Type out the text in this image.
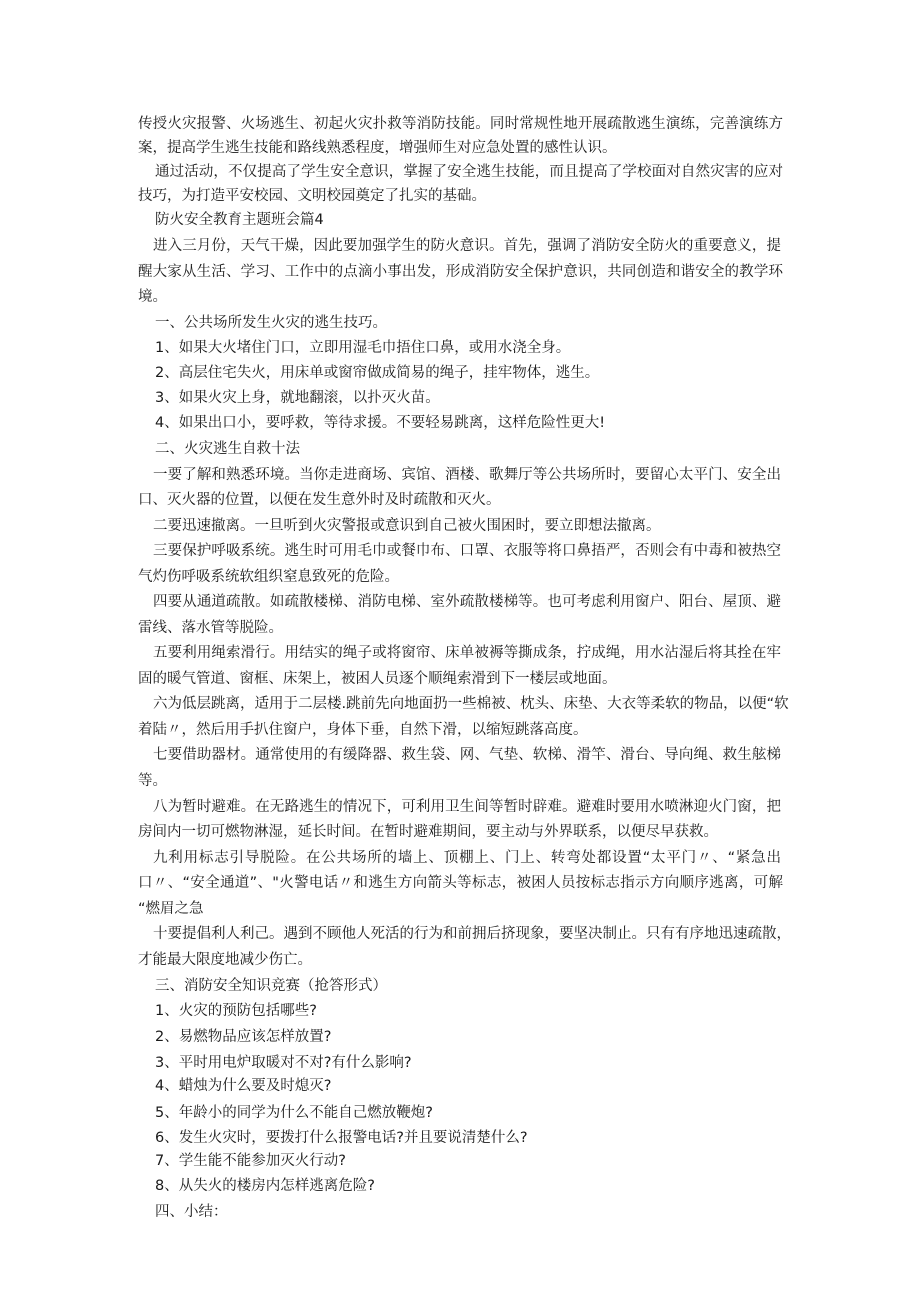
传授火灾报警、火场逃生、初起火灾扑救等消防技能。同时常规性地开展疏散逃生演练，完善演练方
案，提高学生逃生技能和路线熟悉程度，增强师生对应急处置的感性认识。
通过活动，不仅提高了学生安全意识，掌握了安全逃生技能，而且提高了学校面对自然灾害的应对
技巧，为打造平安校园、文明校园奠定了扎实的基础。
防火安全教育主题班会篇4
进入三月份，天气干燥，因此要加强学生的防火意识。首先，强调了消防安全防火的重要意义，提
醒大家从生活、学习、工作中的点滴小事出发，形成消防安全保护意识，共同创造和谐安全的教学环
境。
一、公共场所发生火灾的逃生技巧。
1、如果大火堵住门口，立即用湿毛巾捂住口鼻，或用水浇全身。
2、高层住宅失火，用床单或窗帘做成简易的绳子，挂牢物体，逃生。
3、如果火灾上身，就地翻滚，以扑灭火苗。
4、如果出口小，要呼救，等待求援。不要轻易跳离，这样危险性更大!
二、火灾逃生自救十法
一要了解和熟悉环境。当你走进商场、宾馆、酒楼、歌舞厅等公共场所时，要留心太平门、安全出
口、灭火器的位置，以便在发生意外时及时疏散和灭火。
二要迅速撤离。一旦听到火灾警报或意识到自己被火围困时，要立即想法撤离。
三要保护呼吸系统。逃生时可用毛巾或餐巾布、口罩、衣服等将口鼻捂严，否则会有中毒和被热空
气灼伤呼吸系统软组织窒息致死的危险。
四要从通道疏散。如疏散楼梯、消防电梯、室外疏散楼梯等。也可考虑利用窗户、阳台、屋顶、避
雷线、落水管等脱险。
五要利用绳索滑行。用结实的绳子或将窗帘、床单被褥等撕成条，拧成绳，用水沾湿后将其拴在牢
固的暖气管道、窗框、床架上，被困人员逐个顺绳索滑到下一楼层或地面。
六为低层跳离，适用于二层楼.跳前先向地面扔一些棉被、枕头、床垫、大衣等柔软的物品，以便“软
着陆〃，然后用手扒住窗户，身体下垂，自然下滑，以缩短跳落高度。
七要借助器材。通常使用的有缓降器、救生袋、网、气垫、软梯、滑竿、滑台、导向绳、救生舷梯
等。
八为暂时避难。在无路逃生的情况下，可利用卫生间等暂时辟难。避难时要用水喷淋迎火门窗，把
房间内一切可燃物淋湿，延长时间。在暂时避难期间，要主动与外界联系，以便尽早获救。
九利用标志引导脱险。在公共场所的墙上、顶棚上、门上、转弯处都设置“太平门〃、“紧急出
口〃、“安全通道”、"火警电话〃和逃生方向箭头等标志，被困人员按标志指示方向顺序逃离，可解
“燃眉之急
十要提倡利人利己。遇到不顾他人死活的行为和前拥后挤现象，要坚决制止。只有有序地迅速疏散，
才能最大限度地减少伤亡。
三、消防安全知识竞赛（抢答形式）
1、火灾的预防包括哪些?
2、易燃物品应该怎样放置?
3、平时用电炉取暖对不对?有什么影响?
4、蜡烛为什么要及时熄灭?
5、年龄小的同学为什么不能自己燃放鞭炮?
6、发生火灾时，要拨打什么报警电话?并且要说清楚什么?
7、学生能不能参加灭火行动?
8、从失火的楼房内怎样逃离危险?
四、小结：
